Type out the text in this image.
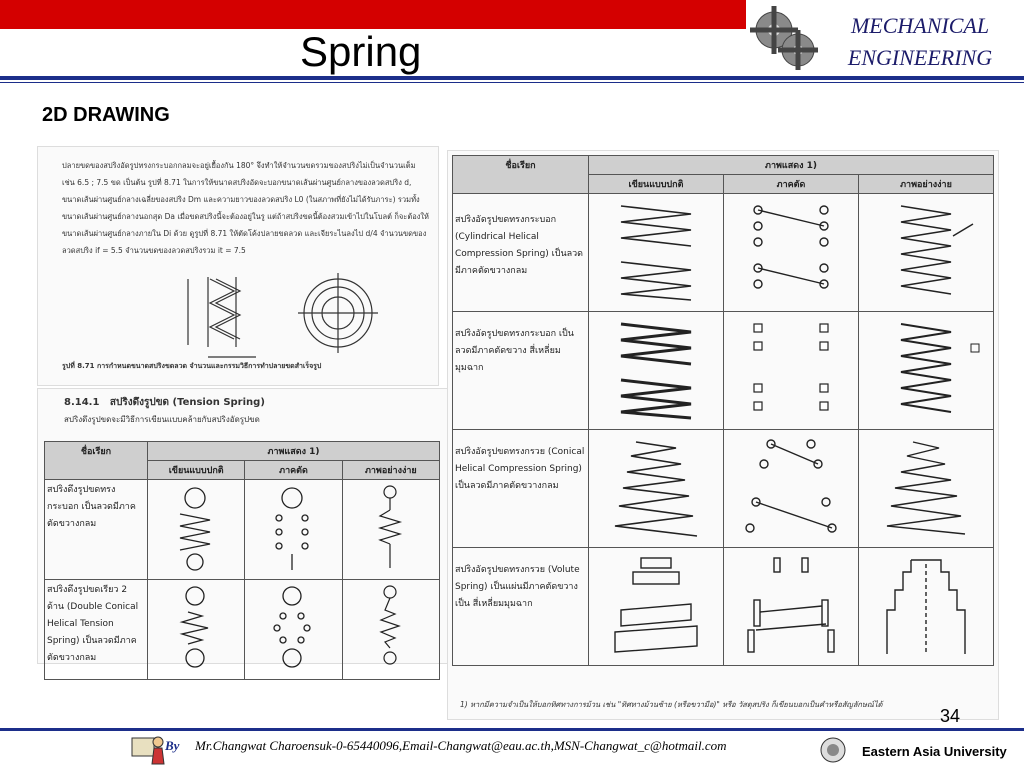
Spring
MECHANICAL
ENGINEERING
2D DRAWING
ปลายขดของสปริงอัดรูปทรงกระบอกกลมจะอยู่เยื้องกัน 180° จึงทำให้จำนวนขดรวมของสปริงไม่เป็นจำนวนเต็ม เช่น 6.5 ; 7.5 ขด เป็นต้น รูปที่ 8.71 ในการให้ขนาดสปริงอัดจะบอกขนาดเส้นผ่านศูนย์กลางของลวดสปริง d, ขนาดเส้นผ่านศูนย์กลางเฉลี่ยของสปริง Dm และความยาวของลวดสปริง L0 (ในสภาพที่ยังไม่ได้รับภาระ) รวมทั้งขนาดเส้นผ่านศูนย์กลางนอกสุด Da เมื่อขดสปริงนี้จะต้องอยู่ในรู แต่ถ้าสปริงขดนี้ต้องสวมเข้าไปในโบลต์ ก็จะต้องให้ขนาดเส้นผ่านศูนย์กลางภายใน Di ด้วย ดูรูปที่ 8.71 ให้ตัดโค้งปลายขดลวด และเจียระไนลงไป d/4 จำนวนขดของลวดสปริง if = 5.5 จำนวนขดของลวดสปริงรวม it = 7.5
รูปที่ 8.71 การกำหนดขนาดสปริงขดลวด จำนวนและกรรมวิธีการทำปลายขดสำเร็จรูป
8.14.1 สปริงดึงรูปขด (Tension Spring)
สปริงดึงรูปขดจะมีวิธีการเขียนแบบคล้ายกับสปริงอัดรูปขด
ชื่อเรียก	ภาพแสดง 1)		
	เขียนแบบปกติ	ภาคตัด	ภาพอย่างง่าย
สปริงดึงรูปขดทรงกระบอก เป็นลวดมีภาคตัดขวางกลม			
สปริงดึงรูปขดเรียว 2 ด้าน (Double Conical Helical Tension Spring) เป็นลวดมีภาคตัดขวางกลม			
ชื่อเรียก	ภาพแสดง 1)		
	เขียนแบบปกติ	ภาคตัด	ภาพอย่างง่าย
สปริงอัดรูปขดทรงกระบอก (Cylindrical Helical Compression Spring) เป็นลวดมีภาคตัดขวางกลม			
สปริงอัดรูปขดทรงกระบอก เป็นลวดมีภาคตัดขวาง สี่เหลี่ยมมุมฉาก			
สปริงอัดรูปขดทรงกรวย (Conical Helical Compression Spring) เป็นลวดมีภาคตัดขวางกลม			
สปริงอัดรูปขดทรงกรวย (Volute Spring) เป็นแผ่นมีภาคตัดขวางเป็น สี่เหลี่ยมมุมฉาก			
1) หากมีความจำเป็นให้บอกทิศทางการม้วน เช่น "ทิศทางม้วนซ้าย (หรือขวามือ)" หรือ วัสดุสปริง ก็เขียนบอกเป็นคำหรือสัญลักษณ์ได้
34
By Mr.Changwat Charoensuk-0-65440096,Email-Changwat@eau.ac.th,MSN-Changwat_c@hotmail.com	Eastern Asia University
